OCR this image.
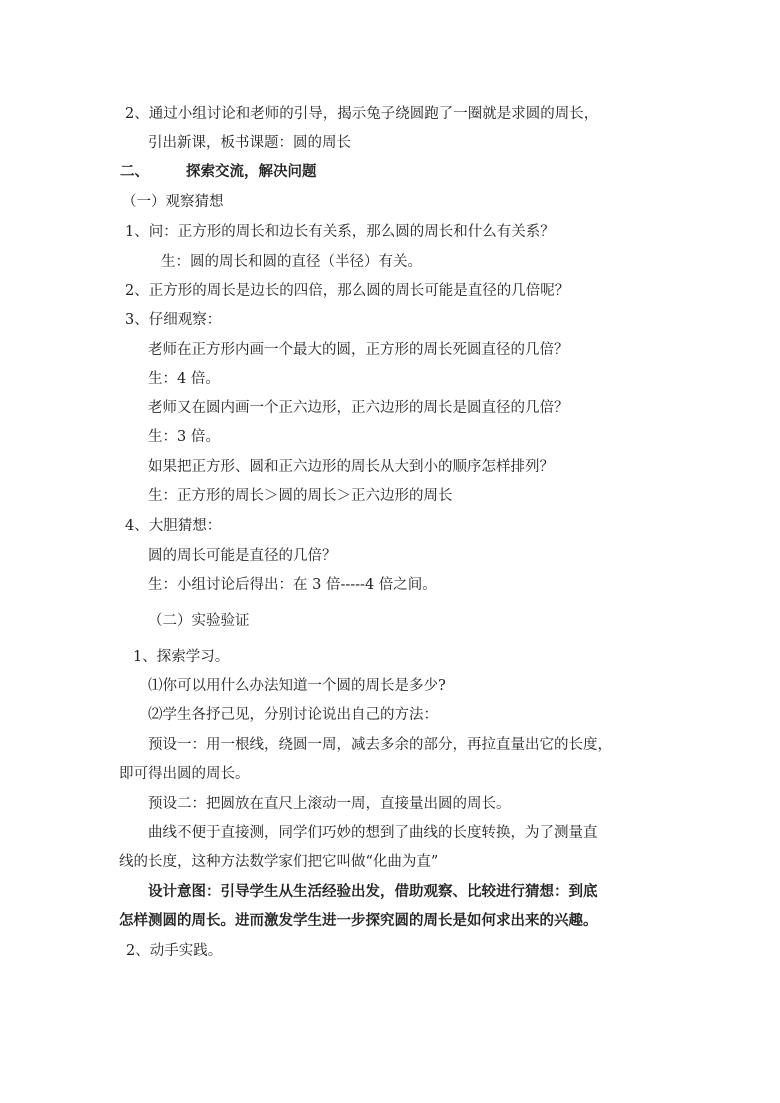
2、通过小组讨论和老师的引导，揭示兔子绕圆跑了一圈就是求圆的周长，
引出新课，板书课题：圆的周长
二、	探索交流，解决问题
（一）观察猜想
1、问：正方形的周长和边长有关系，那么圆的周长和什么有关系？
生：圆的周长和圆的直径（半径）有关。
2、正方形的周长是边长的四倍，那么圆的周长可能是直径的几倍呢？
3、仔细观察：
老师在正方形内画一个最大的圆，正方形的周长死圆直径的几倍？
生：4 倍。
老师又在圆内画一个正六边形，正六边形的周长是圆直径的几倍？
生：3 倍。
如果把正方形、圆和正六边形的周长从大到小的顺序怎样排列？
生：正方形的周长＞圆的周长＞正六边形的周长
4、大胆猜想：
圆的周长可能是直径的几倍？
生：小组讨论后得出：在 3 倍-----4 倍之间。
（二）实验验证
1、探索学习。
⑴你可以用什么办法知道一个圆的周长是多少?
⑵学生各抒己见，分别讨论说出自己的方法：
预设一：用一根线，绕圆一周，减去多余的部分，再拉直量出它的长度，
即可得出圆的周长。
预设二：把圆放在直尺上滚动一周，直接量出圆的周长。
曲线不便于直接测，同学们巧妙的想到了曲线的长度转换，为了测量直
线的长度，这种方法数学家们把它叫做“化曲为直”
设计意图：引导学生从生活经验出发，借助观察、比较进行猜想：到底
怎样测圆的周长。进而激发学生进一步探究圆的周长是如何求出来的兴趣。
2、动手实践。
